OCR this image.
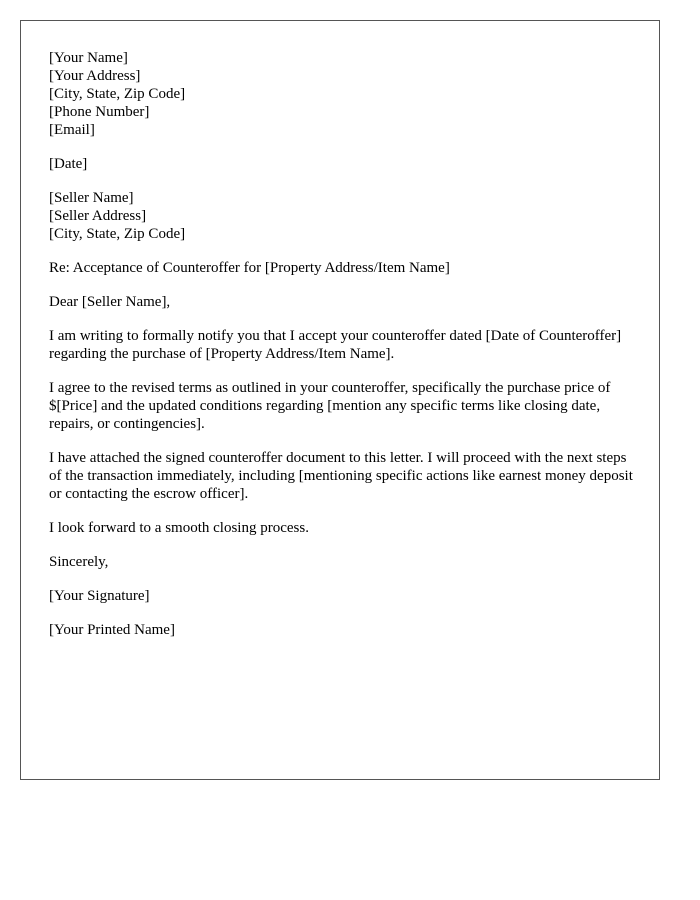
[Your Name]
[Your Address]
[City, State, Zip Code]
[Phone Number]
[Email]
[Date]
[Seller Name]
[Seller Address]
[City, State, Zip Code]

Re: Acceptance of Counteroffer for [Property Address/Item Name]

Dear [Seller Name],

I am writing to formally notify you that I accept your counteroffer dated [Date of Counteroffer] regarding the purchase of [Property Address/Item Name].

I agree to the revised terms as outlined in your counteroffer, specifically the purchase price of $[Price] and the updated conditions regarding [mention any specific terms like closing date, repairs, or contingencies].

I have attached the signed counteroffer document to this letter. I will proceed with the next steps of the transaction immediately, including [mentioning specific actions like earnest money deposit or contacting the escrow officer].

I look forward to a smooth closing process.

Sincerely,

[Your Signature]

[Your Printed Name]
